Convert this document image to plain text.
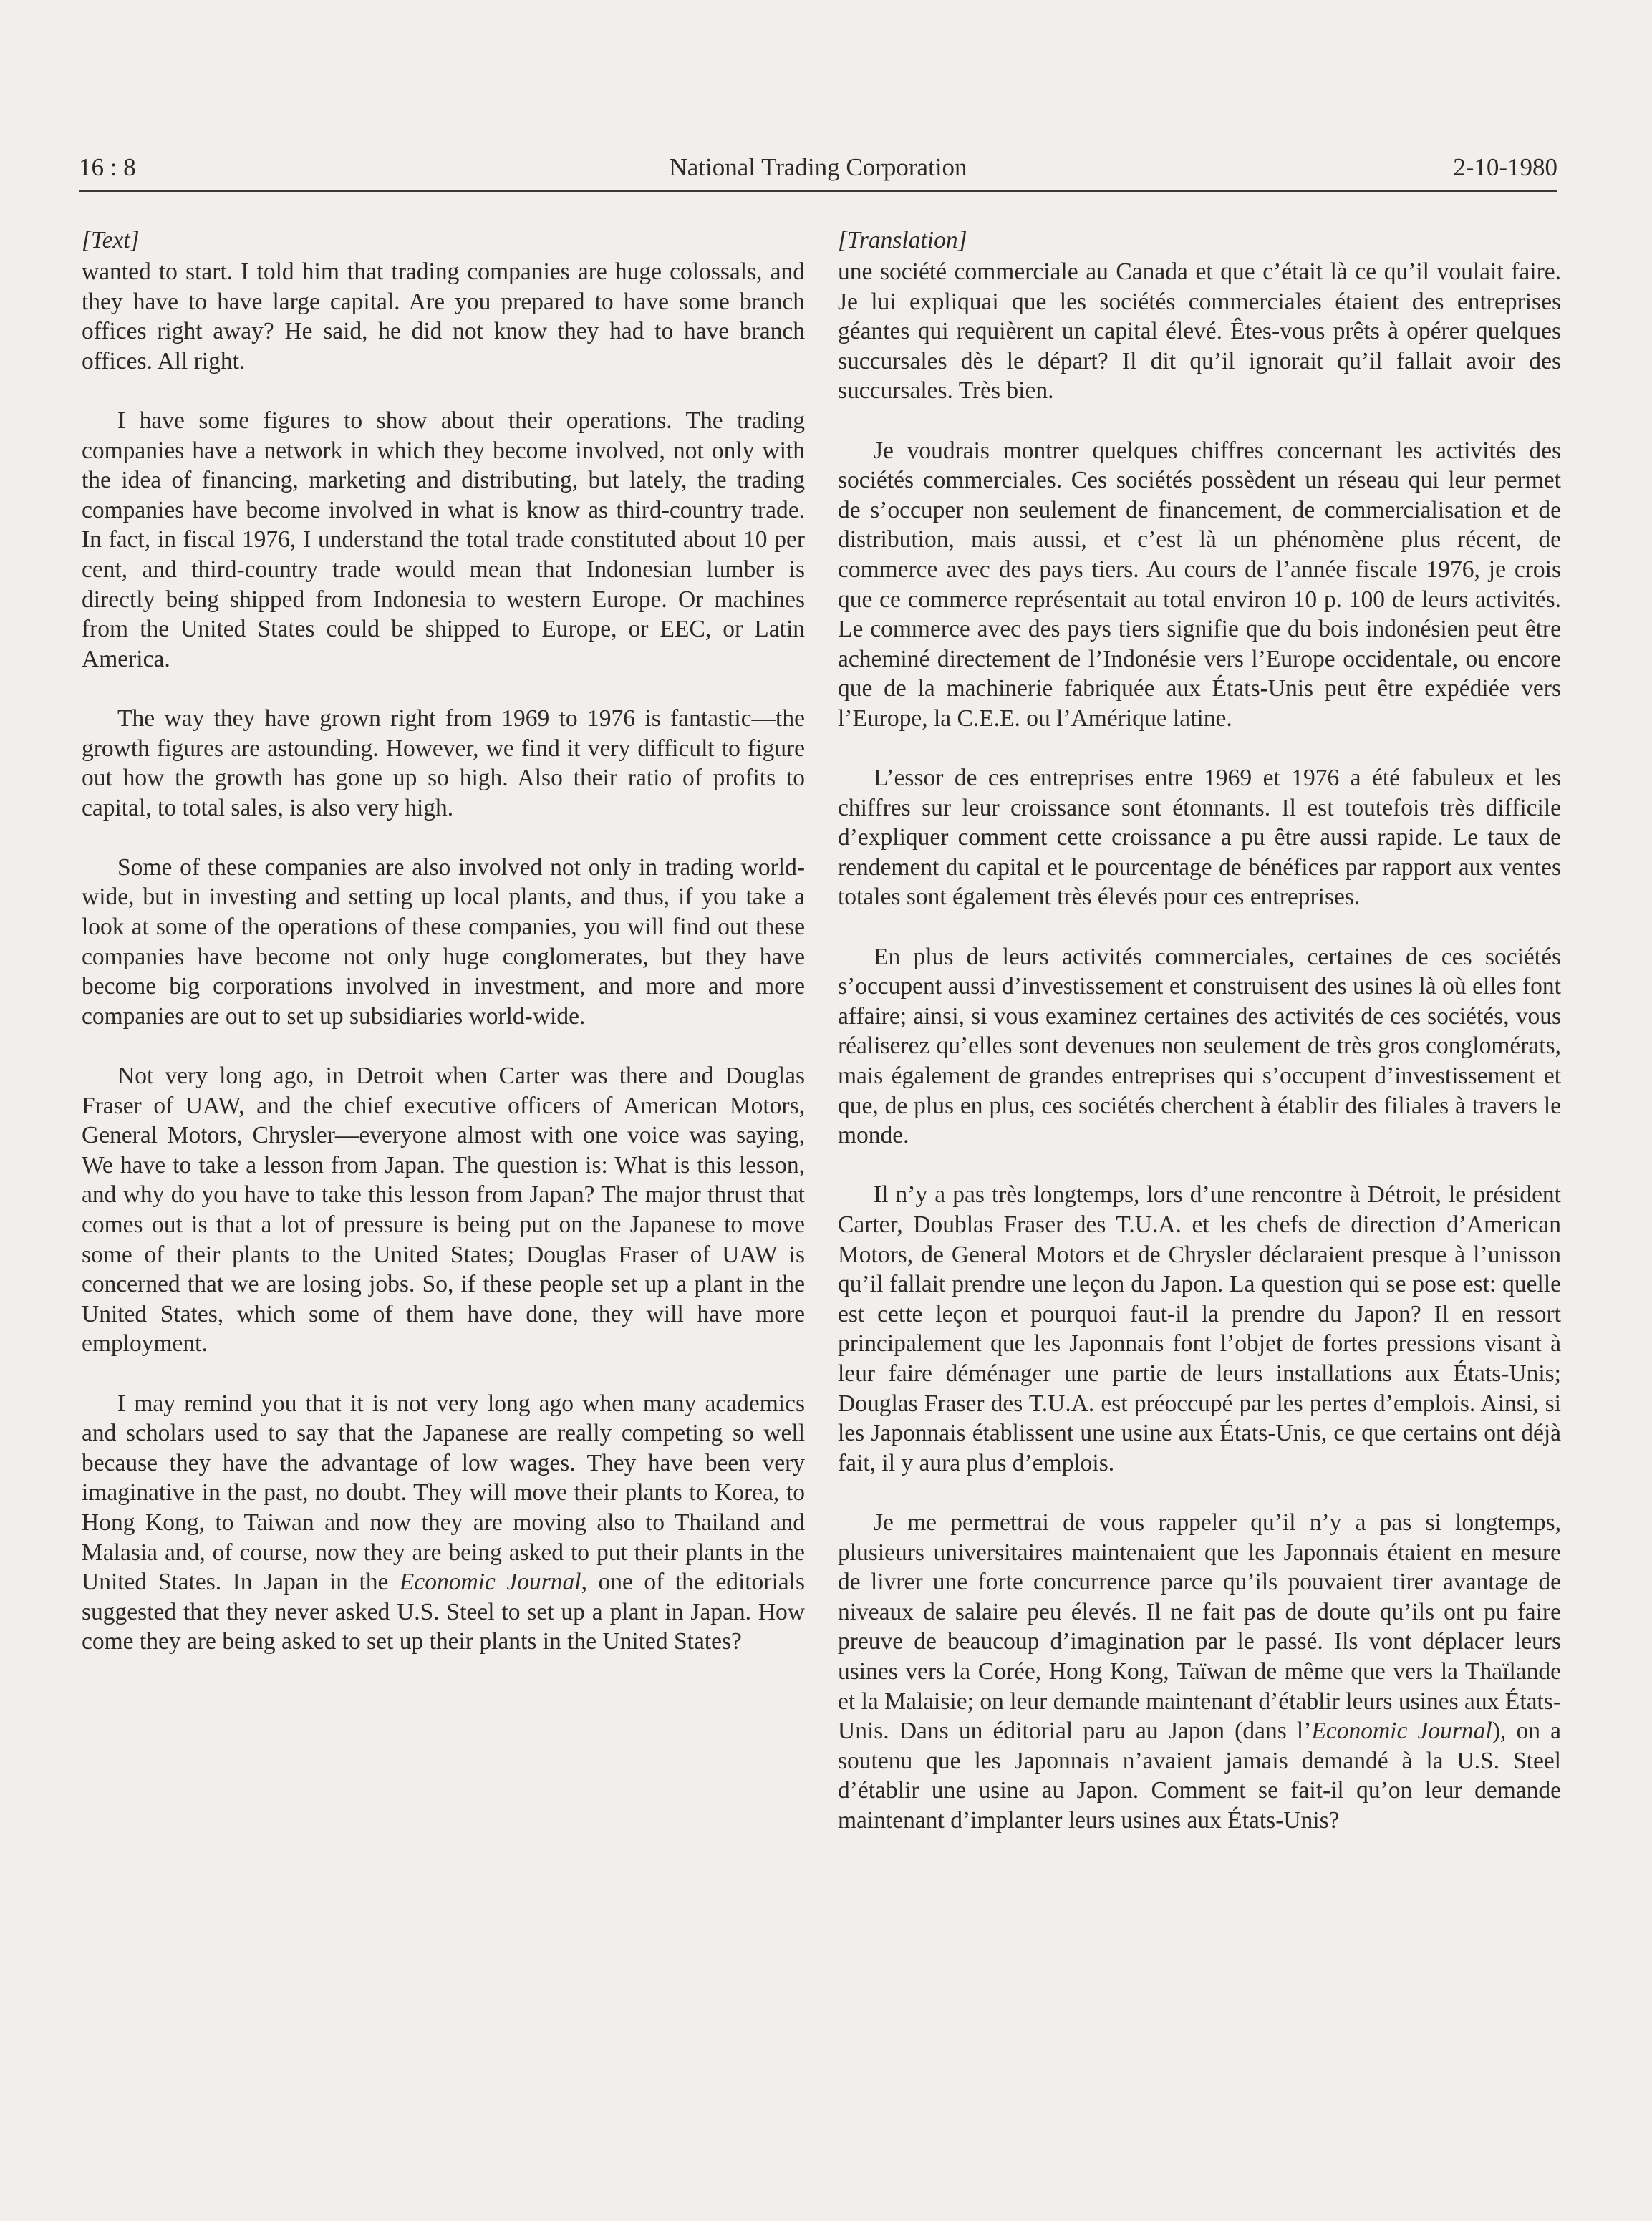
16 : 8	National Trading Corporation	2-10-1980
[Text]

wanted to start. I told him that trading companies are huge colossals, and they have to have large capital. Are you prepared to have some branch offices right away? He said, he did not know they had to have branch offices. All right.

I have some figures to show about their operations. The trading companies have a network in which they become involved, not only with the idea of financing, marketing and distributing, but lately, the trading companies have become involved in what is know as third-country trade. In fact, in fiscal 1976, I understand the total trade constituted about 10 per cent, and third-country trade would mean that Indonesian lumber is directly being shipped from Indonesia to western Europe. Or machines from the United States could be shipped to Europe, or EEC, or Latin America.

The way they have grown right from 1969 to 1976 is fantastic—the growth figures are astounding. However, we find it very difficult to figure out how the growth has gone up so high. Also their ratio of profits to capital, to total sales, is also very high.

Some of these companies are also involved not only in trading world-wide, but in investing and setting up local plants, and thus, if you take a look at some of the operations of these companies, you will find out these companies have become not only huge conglomerates, but they have become big corporations involved in investment, and more and more companies are out to set up subsidiaries world-wide.

Not very long ago, in Detroit when Carter was there and Douglas Fraser of UAW, and the chief executive officers of American Motors, General Motors, Chrysler—everyone almost with one voice was saying, We have to take a lesson from Japan. The question is: What is this lesson, and why do you have to take this lesson from Japan? The major thrust that comes out is that a lot of pressure is being put on the Japanese to move some of their plants to the United States; Douglas Fraser of UAW is concerned that we are losing jobs. So, if these people set up a plant in the United States, which some of them have done, they will have more employment.

I may remind you that it is not very long ago when many academics and scholars used to say that the Japanese are really competing so well because they have the advantage of low wages. They have been very imaginative in the past, no doubt. They will move their plants to Korea, to Hong Kong, to Taiwan and now they are moving also to Thailand and Malasia and, of course, now they are being asked to put their plants in the United States. In Japan in the Economic Journal, one of the editorials suggested that they never asked U.S. Steel to set up a plant in Japan. How come they are being asked to set up their plants in the United States?

[Translation]

une société commerciale au Canada et que c’était là ce qu’il voulait faire. Je lui expliquai que les sociétés commerciales étaient des entreprises géantes qui requièrent un capital élevé. Êtes-vous prêts à opérer quelques succursales dès le départ? Il dit qu’il ignorait qu’il fallait avoir des succursales. Très bien.

Je voudrais montrer quelques chiffres concernant les activités des sociétés commerciales. Ces sociétés possèdent un réseau qui leur permet de s’occuper non seulement de financement, de commercialisation et de distribution, mais aussi, et c’est là un phénomène plus récent, de commerce avec des pays tiers. Au cours de l’année fiscale 1976, je crois que ce commerce représentait au total environ 10 p. 100 de leurs activités. Le commerce avec des pays tiers signifie que du bois indonésien peut être acheminé directement de l’Indonésie vers l’Europe occidentale, ou encore que de la machinerie fabriquée aux États-Unis peut être expédiée vers l’Europe, la C.E.E. ou l’Amérique latine.

L’essor de ces entreprises entre 1969 et 1976 a été fabuleux et les chiffres sur leur croissance sont étonnants. Il est toutefois très difficile d’expliquer comment cette croissance a pu être aussi rapide. Le taux de rendement du capital et le pourcentage de bénéfices par rapport aux ventes totales sont également très élevés pour ces entreprises.

En plus de leurs activités commerciales, certaines de ces sociétés s’occupent aussi d’investissement et construisent des usines là où elles font affaire; ainsi, si vous examinez certaines des activités de ces sociétés, vous réaliserez qu’elles sont devenues non seulement de très gros conglomérats, mais également de grandes entreprises qui s’occupent d’investissement et que, de plus en plus, ces sociétés cherchent à établir des filiales à travers le monde.

Il n’y a pas très longtemps, lors d’une rencontre à Détroit, le président Carter, Doublas Fraser des T.U.A. et les chefs de direction d’American Motors, de General Motors et de Chrysler déclaraient presque à l’unisson qu’il fallait prendre une leçon du Japon. La question qui se pose est: quelle est cette leçon et pourquoi faut-il la prendre du Japon? Il en ressort principalement que les Japonnais font l’objet de fortes pressions visant à leur faire déménager une partie de leurs installations aux États-Unis; Douglas Fraser des T.U.A. est préoccupé par les pertes d’emplois. Ainsi, si les Japonnais établissent une usine aux États-Unis, ce que certains ont déjà fait, il y aura plus d’emplois.

Je me permettrai de vous rappeler qu’il n’y a pas si longtemps, plusieurs universitaires maintenaient que les Japonnais étaient en mesure de livrer une forte concurrence parce qu’ils pouvaient tirer avantage de niveaux de salaire peu élevés. Il ne fait pas de doute qu’ils ont pu faire preuve de beaucoup d’imagination par le passé. Ils vont déplacer leurs usines vers la Corée, Hong Kong, Taïwan de même que vers la Thaïlande et la Malaisie; on leur demande maintenant d’établir leurs usines aux États-Unis. Dans un éditorial paru au Japon (dans l’Economic Journal), on a soutenu que les Japonnais n’avaient jamais demandé à la U.S. Steel d’établir une usine au Japon. Comment se fait-il qu’on leur demande maintenant d’implanter leurs usines aux États-Unis?
